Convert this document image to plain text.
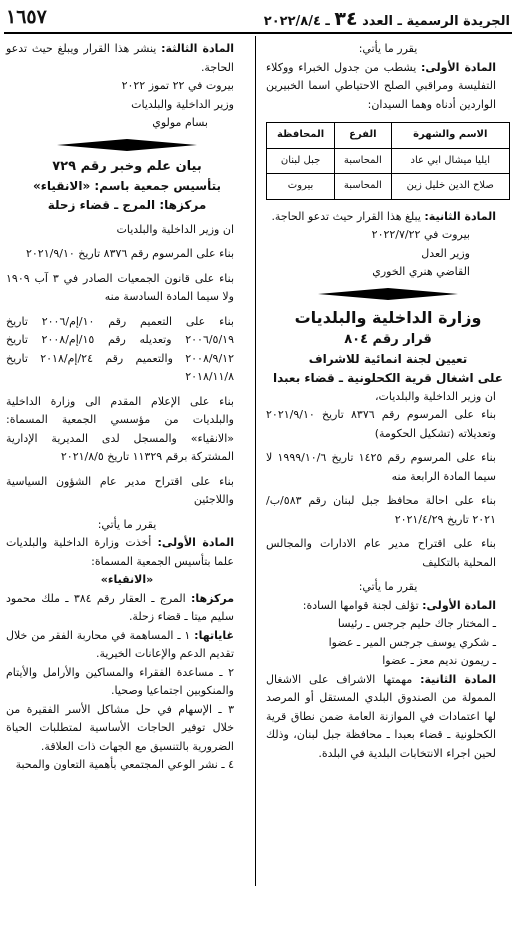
١٦٥٧	الجريدة الرسمية ـ العدد ٣٤ ـ ٢٠٢٢/٨/٤

يقرر ما يأتي:

المادة الأولى: يشطب من جدول الخبراء ووكلاء التفليسة ومراقبي الصلح الاحتياطي اسما الخبيرين الواردين أدناه وهما السيدان:

الاسم والشهرة	الفرع	المحافظة
ايليا ميشال ابي عاد	المحاسبة	جبل لبنان
صلاح الدين خليل زين	المحاسبة	بيروت

المادة الثانية: يبلغ هذا القرار حيث تدعو الحاجة.

بيروت في ٢٠٢٢/٧/٢٢

وزير العدل

القاضي هنري الخوري

وزارة الداخلية والبلديات
قرار رقم ٨٠٤
تعيين لجنة انمائية للاشراف
على اشغال قرية الكحلونية ـ قضاء بعبدا

ان وزير الداخلية والبلديات،

بناء على المرسوم رقم ٨٣٧٦ تاريخ ٢٠٢١/٩/١٠ وتعديلاته (تشكيل الحكومة)

بناء على المرسوم رقم ١٤٢٥ تاريخ ١٩٩٩/١٠/٦ لا سيما المادة الرابعة منه

بناء على احالة محافظ جبل لبنان رقم ٥٨٣/ب/٢٠٢١ تاريخ ٢٠٢١/٤/٢٩

بناء على اقتراح مدير عام الادارات والمجالس المحلية بالتكليف

يقرر ما يأتي:

المادة الأولى: تؤلف لجنة قوامها السادة:

ـ المختار جاك حليم جرجس ـ رئيسا

ـ شكري يوسف جرجس المير ـ عضوا

ـ ريمون نديم معز ـ عضوا

المادة الثانية: مهمتها الاشراف على الاشغال الممولة من الصندوق البلدي المستقل أو المرصد لها اعتمادات في الموازنة العامة ضمن نطاق قرية الكحلونية ـ قضاء بعبدا ـ محافظة جبل لبنان، وذلك لحين اجراء الانتخابات البلدية في البلدة.

المادة الثالثة: ينشر هذا القرار ويبلغ حيث تدعو الحاجة.

بيروت في ٢٢ تموز ٢٠٢٢

وزير الداخلية والبلديات

بسام مولوي

بيان علم وخبر رقم ٧٢٩
بتأسيس جمعية باسم: «الانقياء»
مركزها: المرج ـ قضاء زحلة

ان وزير الداخلية والبلديات

بناء على المرسوم رقم ٨٣٧٦ تاريخ ٢٠٢١/٩/١٠

بناء على قانون الجمعيات الصادر في ٣ آب ١٩٠٩ ولا سيما المادة السادسة منه

بناء على التعميم رقم ١٠/إم/٢٠٠٦ تاريخ ٢٠٠٦/٥/١٩ وتعديله رقم ١٥/إم/٢٠٠٨ تاريخ ٢٠٠٨/٩/١٢ والتعميم رقم ٢٤/إم/٢٠١٨ تاريخ ٢٠١٨/١١/٨

بناء على الإعلام المقدم الى وزارة الداخلية والبلديات من مؤسسي الجمعية المسماة: «الانقياء» والمسجل لدى المديرية الإدارية المشتركة برقم ١١٣٢٩ تاريخ ٢٠٢١/٨/٥

بناء على اقتراح مدير عام الشؤون السياسية واللاجئين

يقرر ما يأتي:

المادة الأولى: أخذت وزارة الداخلية والبلديات علما بتأسيس الجمعية المسماة:

«الانقياء»

مركزها: المرج ـ العقار رقم ٣٨٤ ـ ملك محمود سليم ميتا ـ قضاء زحلة.

غاياتها: ١ ـ المساهمة في محاربة الفقر من خلال تقديم الدعم والإعانات الخيرية.

٢ ـ مساعدة الفقراء والمساكين والأرامل والأيتام والمنكوبين اجتماعيا وصحيا.

٣ ـ الإسهام في حل مشاكل الأسر الفقيرة من خلال توفير الحاجات الأساسية لمتطلبات الحياة الضرورية بالتنسيق مع الجهات ذات العلاقة.

٤ ـ نشر الوعي المجتمعي بأهمية التعاون والمحبة
